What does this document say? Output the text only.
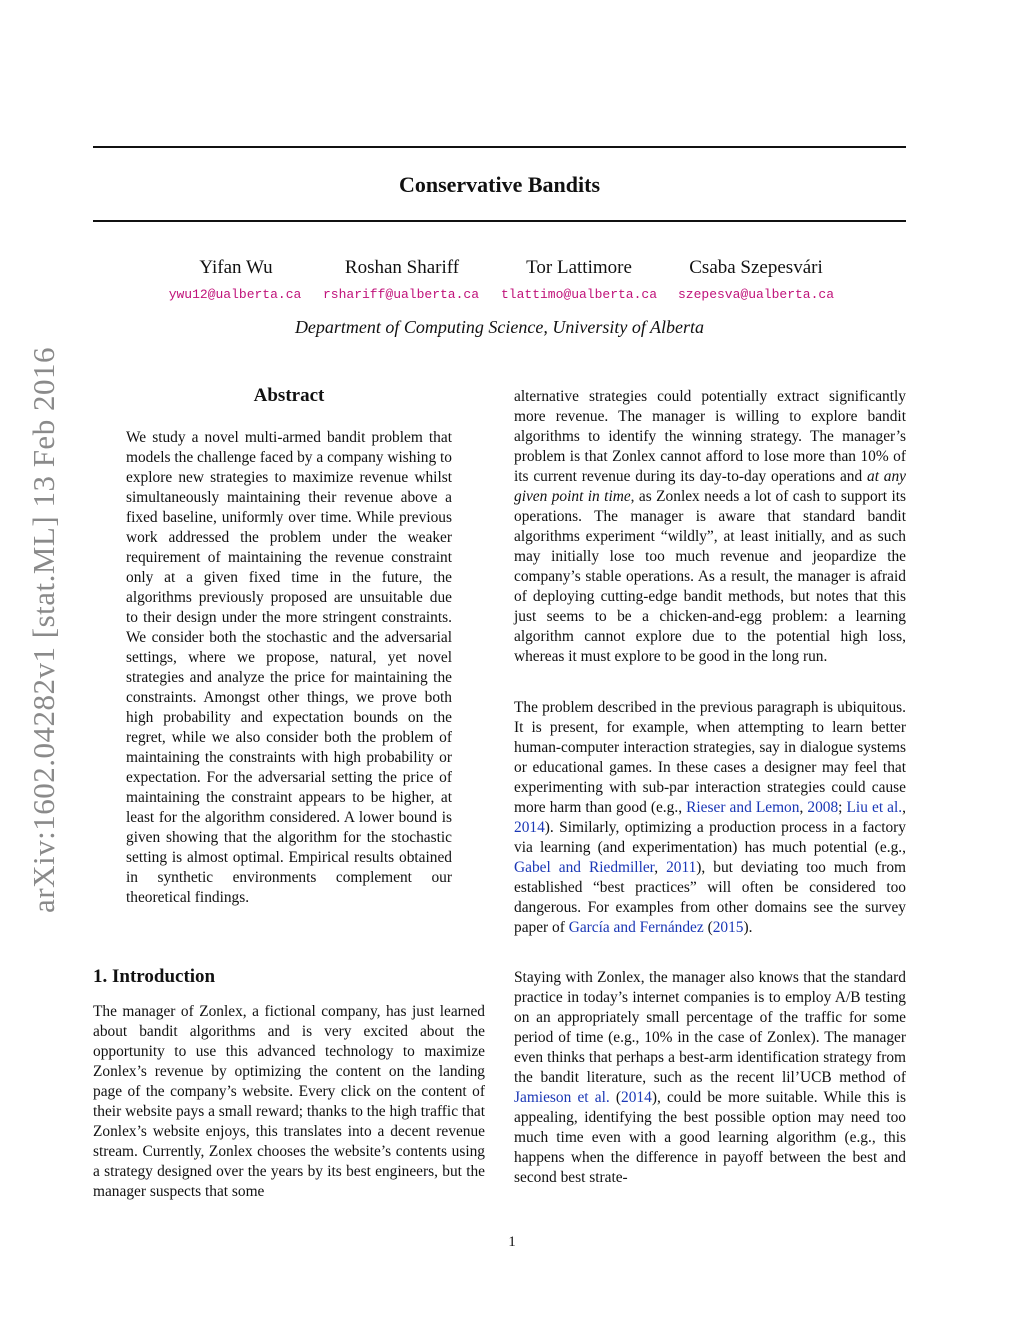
arXiv:1602.04282v1 [stat.ML] 13 Feb 2016
Conservative Bandits
Yifan Wu	Roshan Shariff	Tor Lattimore	Csaba Szepesvári
ywu12@ualberta.ca	rshariff@ualberta.ca	tlattimo@ualberta.ca	szepesva@ualberta.ca
Department of Computing Science, University of Alberta
Abstract

We study a novel multi-armed bandit problem that models the challenge faced by a company wishing to explore new strategies to maximize revenue whilst simultaneously maintaining their revenue above a fixed baseline, uniformly over time. While previous work addressed the problem under the weaker requirement of maintaining the revenue constraint only at a given fixed time in the future, the algorithms previously proposed are unsuitable due to their design under the more stringent constraints. We consider both the stochastic and the adversarial settings, where we propose, natural, yet novel strategies and analyze the price for maintaining the constraints. Amongst other things, we prove both high probability and expectation bounds on the regret, while we also consider both the problem of maintaining the constraints with high probability or expectation. For the adversarial setting the price of maintaining the constraint appears to be higher, at least for the algorithm considered. A lower bound is given showing that the algorithm for the stochastic setting is almost optimal. Empirical results obtained in synthetic environments complement our theoretical findings.

1. Introduction

The manager of Zonlex, a fictional company, has just learned about bandit algorithms and is very excited about the opportunity to use this advanced technology to maximize Zonlex’s revenue by optimizing the content on the landing page of the company’s website. Every click on the content of their website pays a small reward; thanks to the high traffic that Zonlex’s website enjoys, this translates into a decent revenue stream. Currently, Zonlex chooses the website’s contents using a strategy designed over the years by its best engineers, but the manager suspects that some

alternative strategies could potentially extract significantly more revenue. The manager is willing to explore bandit algorithms to identify the winning strategy. The manager’s problem is that Zonlex cannot afford to lose more than 10% of its current revenue during its day-to-day operations and at any given point in time, as Zonlex needs a lot of cash to support its operations. The manager is aware that standard bandit algorithms experiment “wildly”, at least initially, and as such may initially lose too much revenue and jeopardize the company’s stable operations. As a result, the manager is afraid of deploying cutting-edge bandit methods, but notes that this just seems to be a chicken-and-egg problem: a learning algorithm cannot explore due to the potential high loss, whereas it must explore to be good in the long run.

The problem described in the previous paragraph is ubiquitous. It is present, for example, when attempting to learn better human-computer interaction strategies, say in dialogue systems or educational games. In these cases a designer may feel that experimenting with sub-par interaction strategies could cause more harm than good (e.g., Rieser and Lemon, 2008; Liu et al., 2014). Similarly, optimizing a production process in a factory via learning (and experimentation) has much potential (e.g., Gabel and Riedmiller, 2011), but deviating too much from established “best practices” will often be considered too dangerous. For examples from other domains see the survey paper of García and Fernández (2015).

Staying with Zonlex, the manager also knows that the standard practice in today’s internet companies is to employ A/B testing on an appropriately small percentage of the traffic for some period of time (e.g., 10% in the case of Zonlex). The manager even thinks that perhaps a best-arm identification strategy from the bandit literature, such as the recent lil’UCB method of Jamieson et al. (2014), could be more suitable. While this is appealing, identifying the best possible option may need too much time even with a good learning algorithm (e.g., this happens when the difference in payoff between the best and second best strate-

1
